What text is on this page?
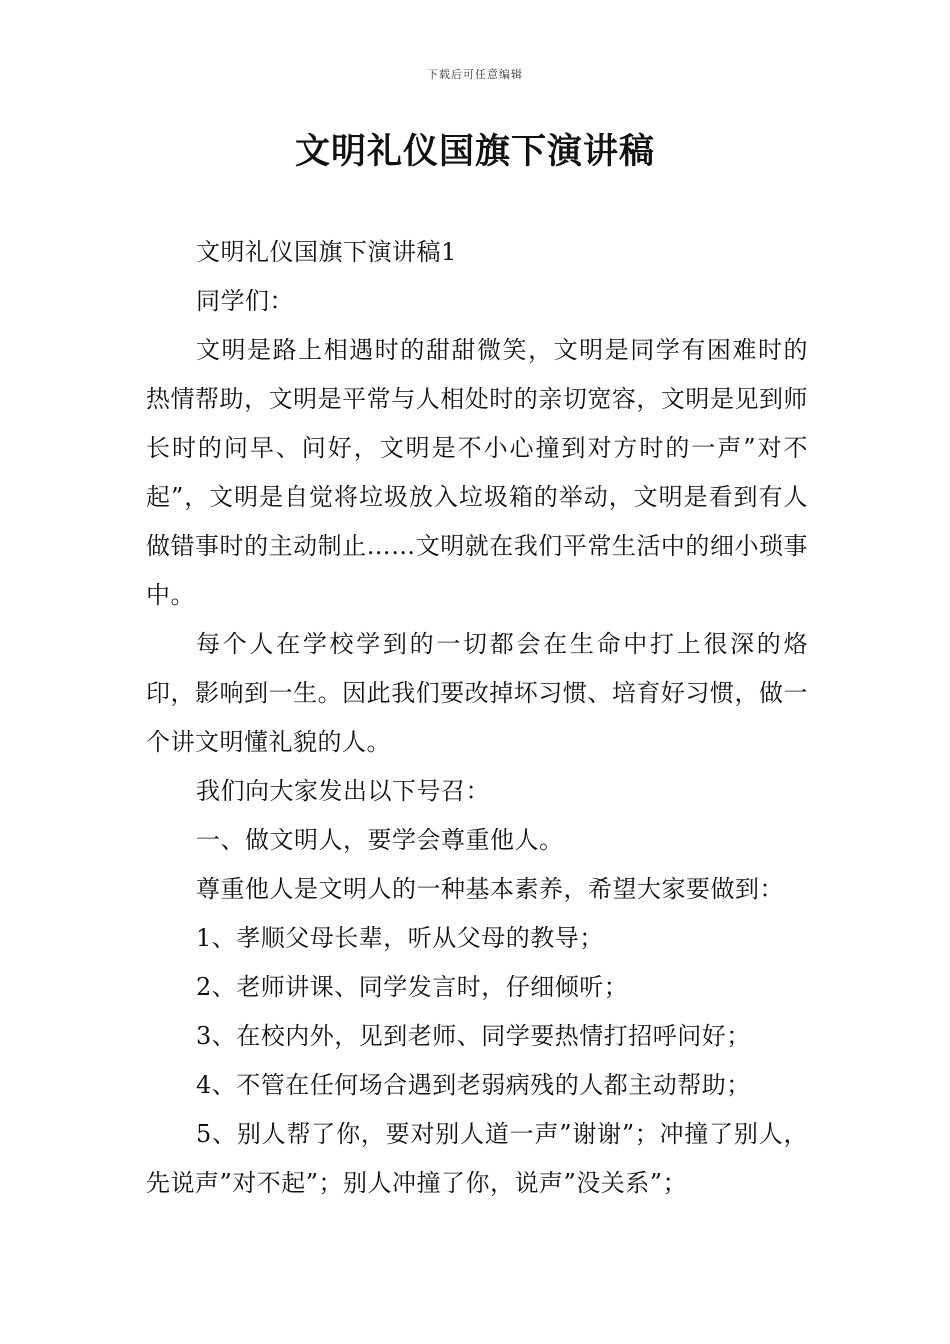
下载后可任意编辑
文明礼仪国旗下演讲稿

文明礼仪国旗下演讲稿1

同学们：

文明是路上相遇时的甜甜微笑，文明是同学有困难时的热情帮助，文明是平常与人相处时的亲切宽容，文明是见到师长时的问早、问好，文明是不小心撞到对方时的一声”对不起”，文明是自觉将垃圾放入垃圾箱的举动，文明是看到有人做错事时的主动制止……文明就在我们平常生活中的细小琐事中。

每个人在学校学到的一切都会在生命中打上很深的烙印，影响到一生。因此我们要改掉坏习惯、培育好习惯，做一个讲文明懂礼貌的人。

我们向大家发出以下号召：

一、做文明人，要学会尊重他人。

尊重他人是文明人的一种基本素养，希望大家要做到：

1、孝顺父母长辈，听从父母的教导；

2、老师讲课、同学发言时，仔细倾听；

3、在校内外，见到老师、同学要热情打招呼问好；

4、不管在任何场合遇到老弱病残的人都主动帮助；

5、别人帮了你，要对别人道一声”谢谢”；冲撞了别人，先说声”对不起”；别人冲撞了你，说声”没关系”；
